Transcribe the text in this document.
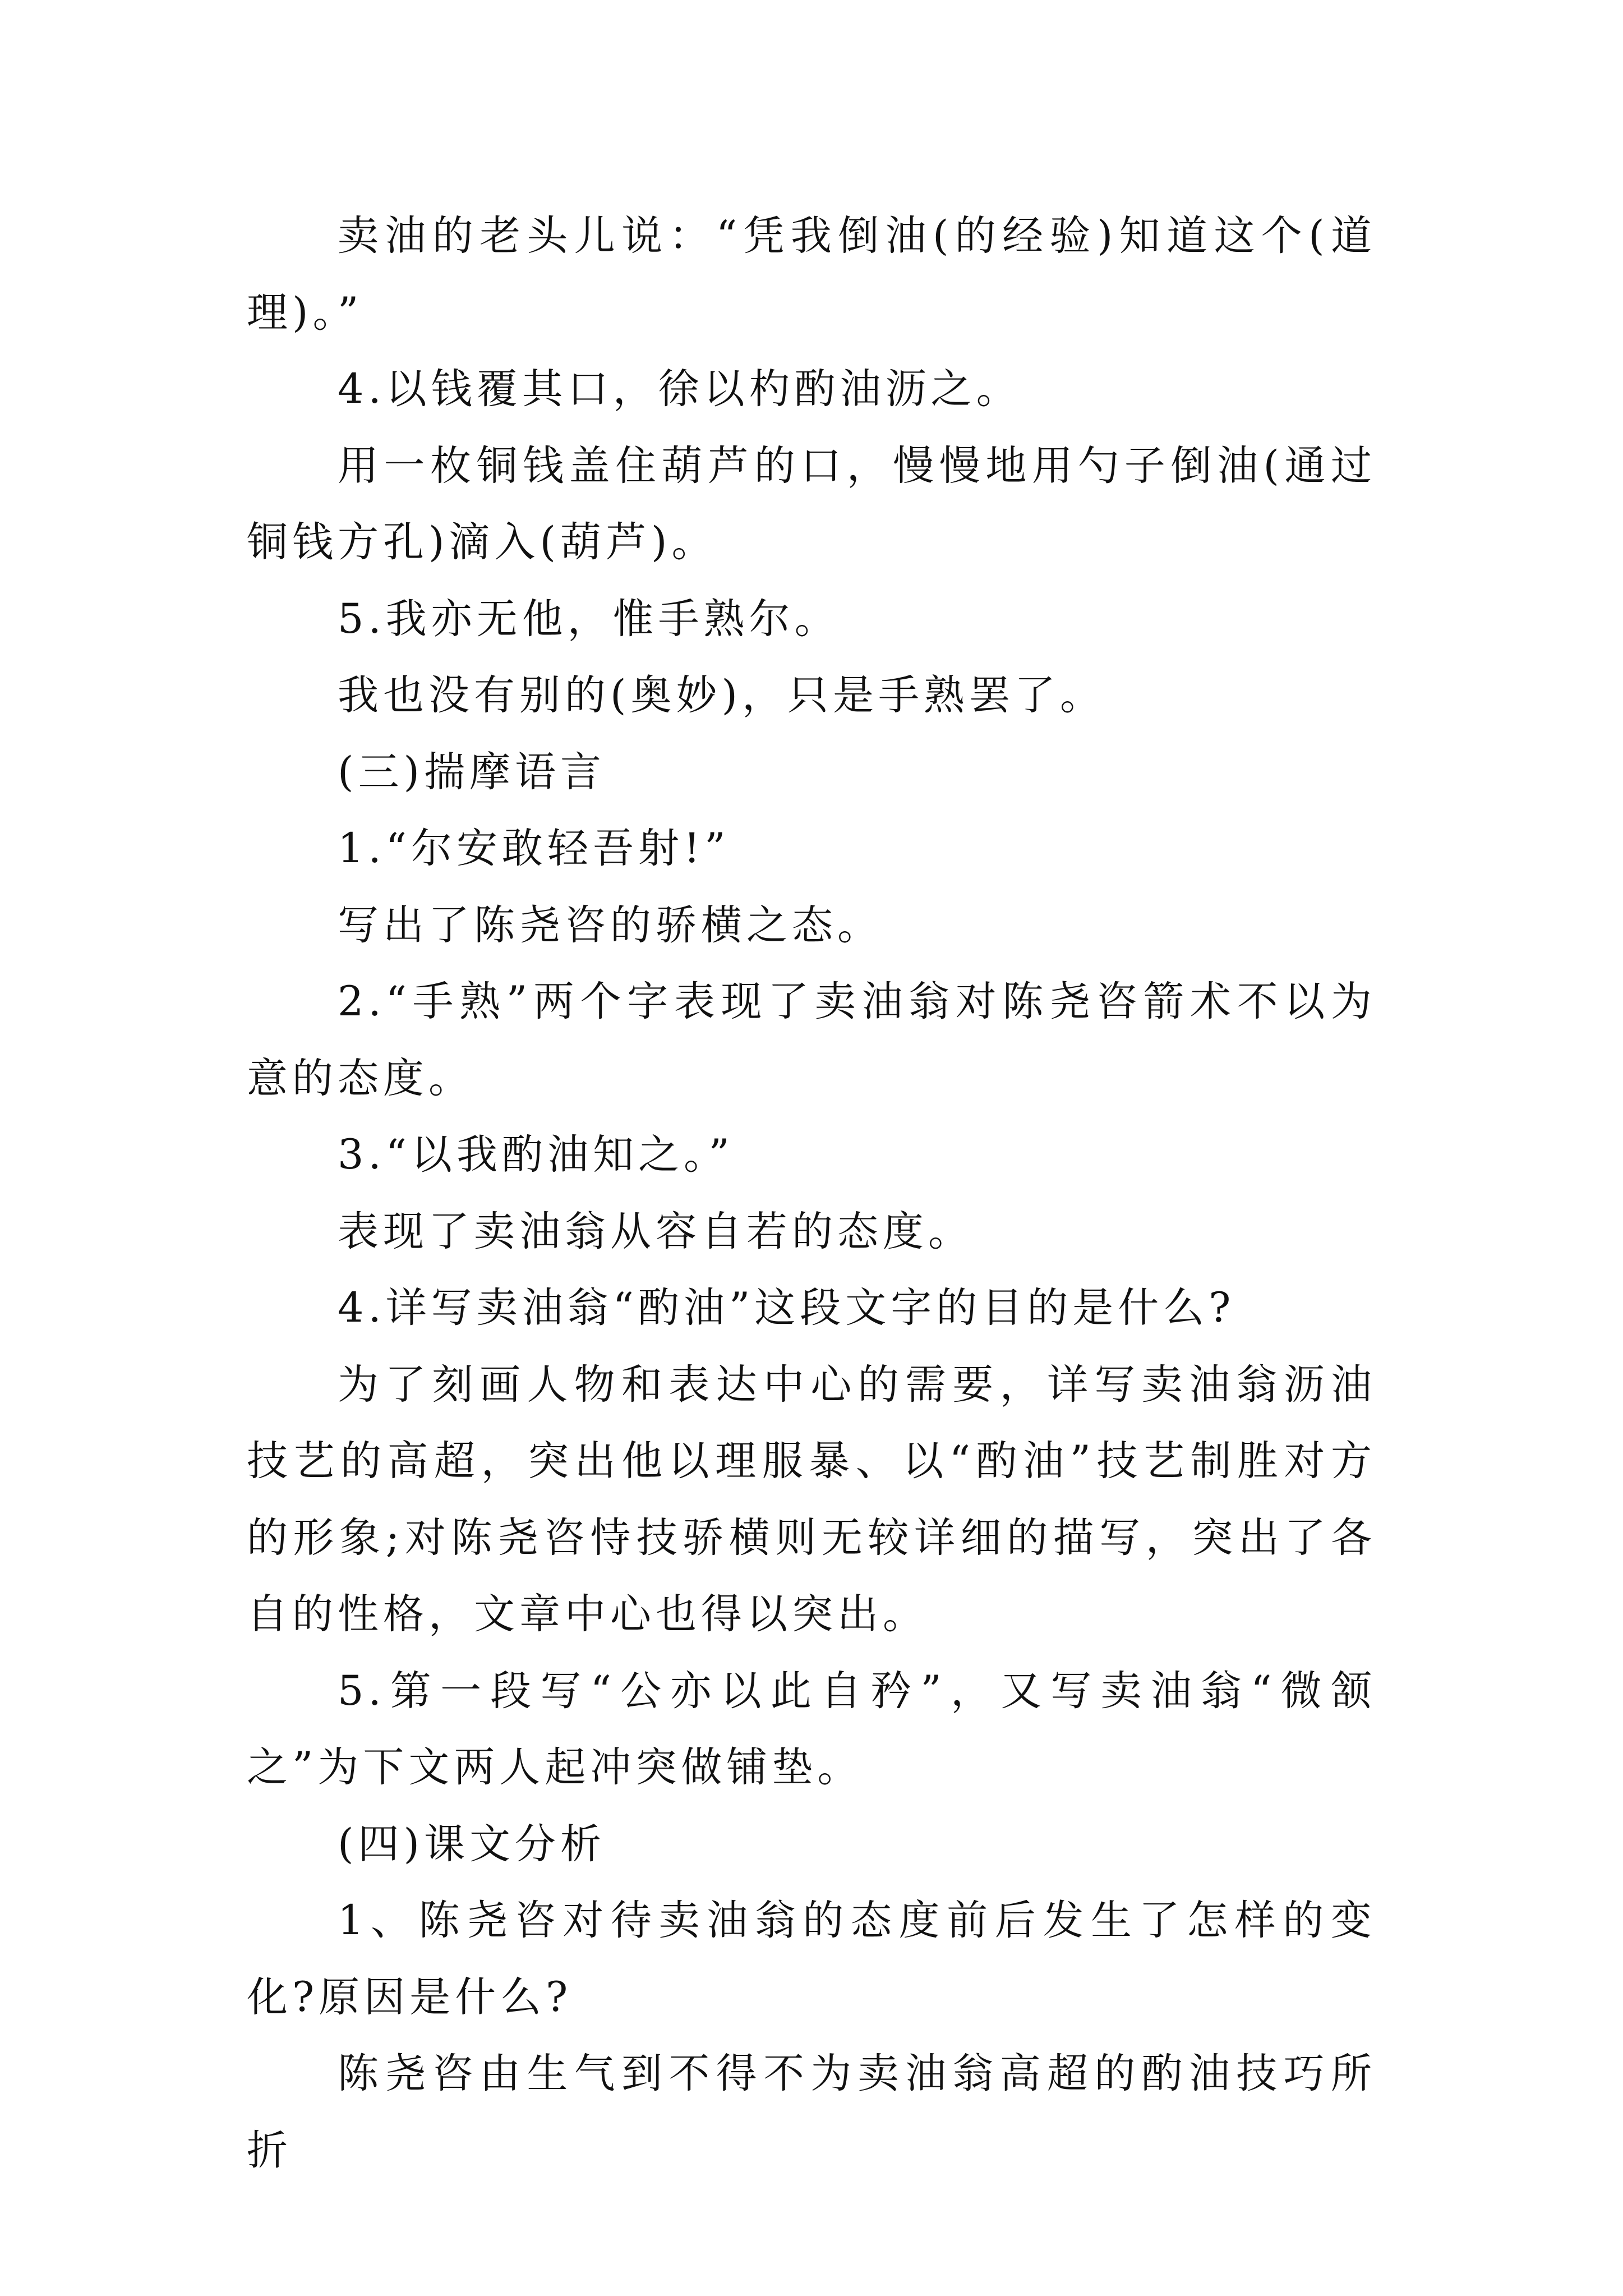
卖油的老头儿说：“凭我倒油(的经验)知道这个(道理)。”

4.以钱覆其口，徐以杓酌油沥之。

用一枚铜钱盖住葫芦的口，慢慢地用勺子倒油(通过铜钱方孔)滴入(葫芦)。

5.我亦无他，惟手熟尔。

我也没有别的(奥妙)，只是手熟罢了。

(三)揣摩语言

1.“尔安敢轻吾射!”

写出了陈尧咨的骄横之态。

2.“手熟”两个字表现了卖油翁对陈尧咨箭术不以为意的态度。

3.“以我酌油知之。”

表现了卖油翁从容自若的态度。

4.详写卖油翁“酌油”这段文字的目的是什么?

为了刻画人物和表达中心的需要，详写卖油翁沥油技艺的高超，突出他以理服暴、以“酌油”技艺制胜对方的形象;对陈尧咨恃技骄横则无较详细的描写，突出了各自的性格，文章中心也得以突出。

5.第一段写“公亦以此自矜”，又写卖油翁“微颔之”为下文两人起冲突做铺垫。

(四)课文分析

1、陈尧咨对待卖油翁的态度前后发生了怎样的变化?原因是什么?

陈尧咨由生气到不得不为卖油翁高超的酌油技巧所折
